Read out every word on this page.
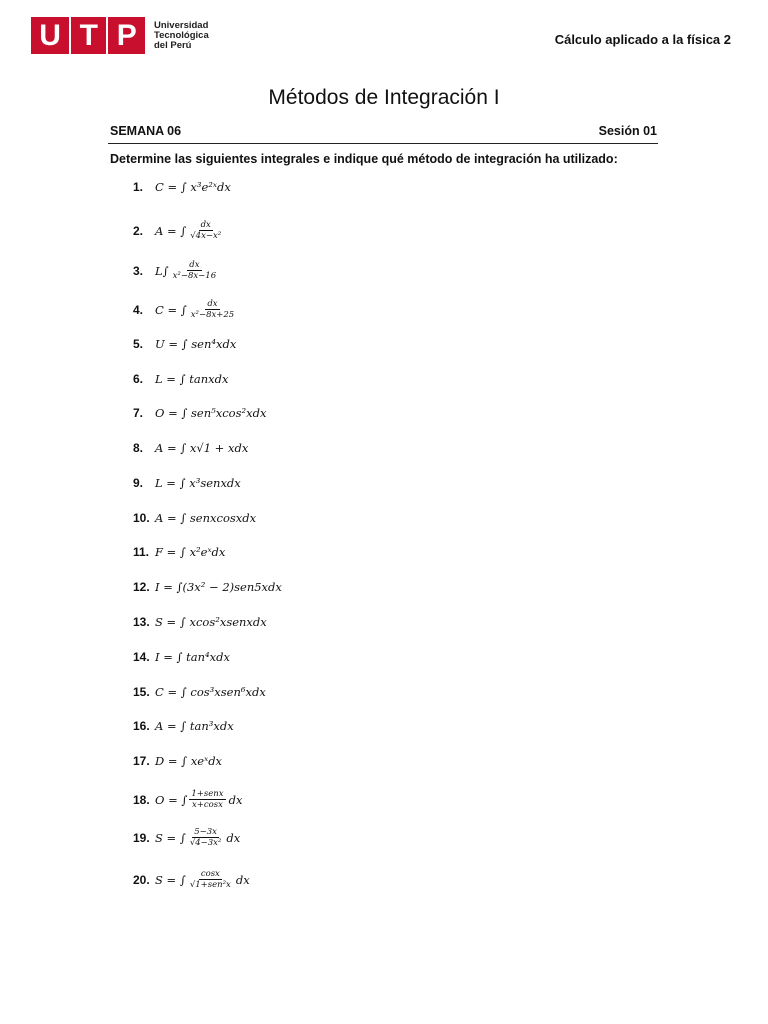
U T P Universidad
Tecnológica
del Perú	Cálculo aplicado a la física 2
Métodos de Integración I
SEMANA 06	Sesión 01
Determine las siguientes integrales e indique qué método de integración ha utilizado:
1.	C = ∫ x³e²ˣdx
2.	A = ∫ $\frac{dx}{\text{√4x−x²}}$
3.	$L\int \frac{dx}{\text{x²−8x−16}}$
4.	C = ∫ $\frac{dx}{\text{x²−8x+25}}$
5.	U = ∫ sen⁴xdx
6.	L = ∫ tanxdx
7.	O = ∫ sen⁵xcos²xdx
8.	A = ∫ x√1 + xdx
9.	L = ∫ x³senxdx
10. A = ∫ senxcosxdx
11. F = ∫ x²eˣdx
12. I = ∫(3x² − 2)sen5xdx
13. S = ∫ xcos²xsenxdx
14. I = ∫ tan⁴xdx
15. C = ∫ cos³xsen⁶xdx
16. A = ∫ tan³xdx
17. D = ∫ xeˣdx
18. O = ∫ $\frac{\text{1+senx}}{x+\cos x}$ dx
19. S = ∫ $\frac{5-3x}{\text{√4−3x²}}$ dx
20. S = ∫ $\frac{\cos x}{\text{√1+sen²x}}$ dx
